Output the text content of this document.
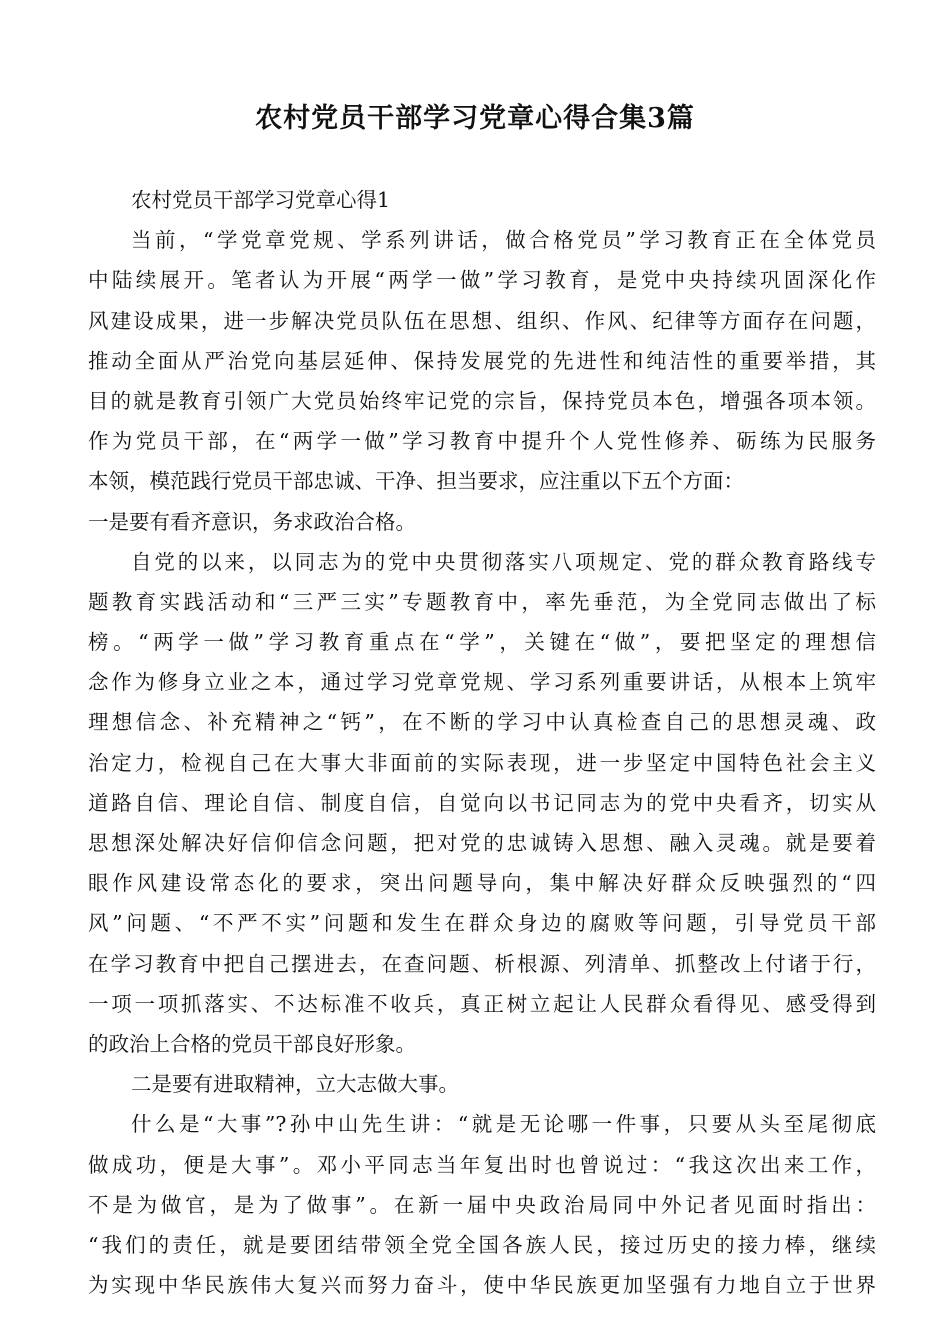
农村党员干部学习党章心得合集3篇
农村党员干部学习党章心得1
当前，“学党章党规、学系列讲话，做合格党员”学习教育正在全体党员
中陆续展开。笔者认为开展“两学一做”学习教育，是党中央持续巩固深化作
风建设成果，进一步解决党员队伍在思想、组织、作风、纪律等方面存在问题，
推动全面从严治党向基层延伸、保持发展党的先进性和纯洁性的重要举措，其
目的就是教育引领广大党员始终牢记党的宗旨，保持党员本色，增强各项本领。
作为党员干部，在“两学一做”学习教育中提升个人党性修养、砺练为民服务
本领，模范践行党员干部忠诚、干净、担当要求，应注重以下五个方面：
一是要有看齐意识，务求政治合格。
自党的以来，以同志为的党中央贯彻落实八项规定、党的群众教育路线专
题教育实践活动和“三严三实”专题教育中，率先垂范，为全党同志做出了标
榜。“两学一做”学习教育重点在“学”，关键在“做”，要把坚定的理想信
念作为修身立业之本，通过学习党章党规、学习系列重要讲话，从根本上筑牢
理想信念、补充精神之“钙”，在不断的学习中认真检查自己的思想灵魂、政
治定力，检视自己在大事大非面前的实际表现，进一步坚定中国特色社会主义
道路自信、理论自信、制度自信，自觉向以书记同志为的党中央看齐，切实从
思想深处解决好信仰信念问题，把对党的忠诚铸入思想、融入灵魂。就是要着
眼作风建设常态化的要求，突出问题导向，集中解决好群众反映强烈的“四
风”问题、“不严不实”问题和发生在群众身边的腐败等问题，引导党员干部
在学习教育中把自己摆进去，在查问题、析根源、列清单、抓整改上付诸于行，
一项一项抓落实、不达标准不收兵，真正树立起让人民群众看得见、感受得到
的政治上合格的党员干部良好形象。
二是要有进取精神，立大志做大事。
什么是“大事”?孙中山先生讲：“就是无论哪一件事，只要从头至尾彻底
做成功，便是大事”。邓小平同志当年复出时也曾说过：“我这次出来工作，
不是为做官，是为了做事”。在新一届中央政治局同中外记者见面时指出：
“我们的责任，就是要团结带领全党全国各族人民，接过历史的接力棒，继续
为实现中华民族伟大复兴而努力奋斗，使中华民族更加坚强有力地自立于世界
